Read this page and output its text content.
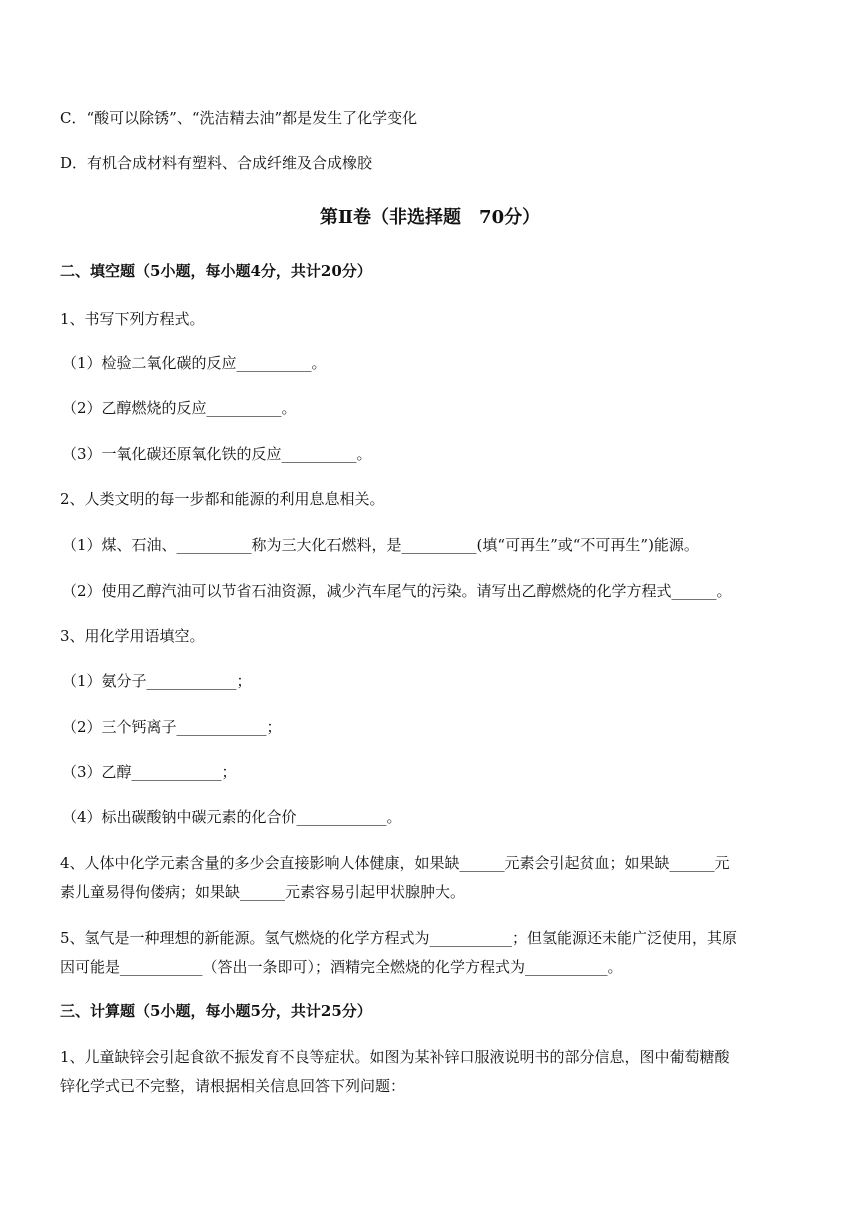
C．“酸可以除锈”、“洗洁精去油”都是发生了化学变化
D．有机合成材料有塑料、合成纤维及合成橡胶
第Ⅱ卷（非选择题　70分）
二、填空题（5小题，每小题4分，共计20分）
1、书写下列方程式。
（1）检验二氧化碳的反应__________。
（2）乙醇燃烧的反应__________。
（3）一氧化碳还原氧化铁的反应__________。
2、人类文明的每一步都和能源的利用息息相关。
（1）煤、石油、__________称为三大化石燃料，是__________(填“可再生”或“不可再生”)能源。
（2）使用乙醇汽油可以节省石油资源，减少汽车尾气的污染。请写出乙醇燃烧的化学方程式______。
3、用化学用语填空。
（1）氨分子____________；
（2）三个钙离子____________；
（3）乙醇____________；
（4）标出碳酸钠中碳元素的化合价____________。
4、人体中化学元素含量的多少会直接影响人体健康，如果缺______元素会引起贫血；如果缺______元
素儿童易得佝偻病；如果缺______元素容易引起甲状腺肿大。
5、氢气是一种理想的新能源。氢气燃烧的化学方程式为___________；但氢能源还未能广泛使用，其原
因可能是___________（答出一条即可）；酒精完全燃烧的化学方程式为___________。
三、计算题（5小题，每小题5分，共计25分）
1、儿童缺锌会引起食欲不振发育不良等症状。如图为某补锌口服液说明书的部分信息，图中葡萄糖酸
锌化学式已不完整，请根据相关信息回答下列问题：
